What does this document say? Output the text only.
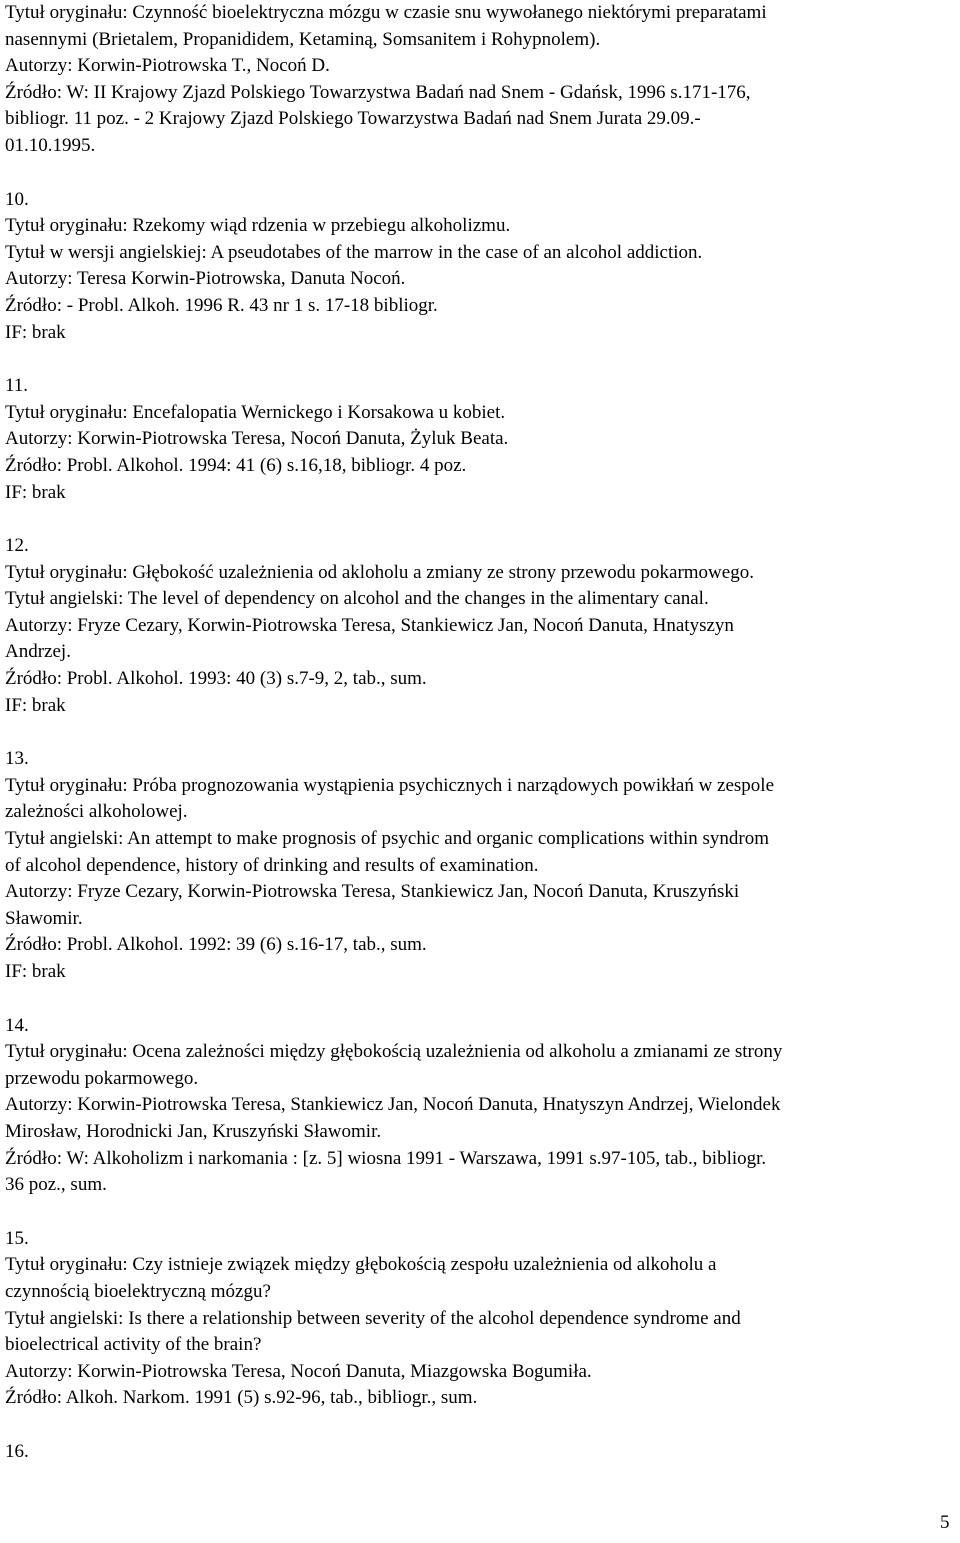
Tytuł oryginału: Czynność bioelektryczna mózgu w czasie snu wywołanego niektórymi preparatami
nasennymi (Brietalem, Propanididem, Ketaminą, Somsanitem i Rohypnolem).
Autorzy: Korwin-Piotrowska T., Nocoń D.
Źródło: W: II Krajowy Zjazd Polskiego Towarzystwa Badań nad Snem - Gdańsk, 1996 s.171-176,
bibliogr. 11 poz. - 2 Krajowy Zjazd Polskiego Towarzystwa Badań nad Snem Jurata 29.09.-
01.10.1995.
10.
Tytuł oryginału: Rzekomy wiąd rdzenia w przebiegu alkoholizmu.
Tytuł w wersji angielskiej: A pseudotabes of the marrow in the case of an alcohol addiction.
Autorzy: Teresa Korwin-Piotrowska, Danuta Nocoń.
Źródło: - Probl. Alkoh. 1996 R. 43 nr 1 s. 17-18 bibliogr.
IF: brak
11.
Tytuł oryginału: Encefalopatia Wernickego i Korsakowa u kobiet.
Autorzy: Korwin-Piotrowska Teresa, Nocoń Danuta, Żyluk Beata.
Źródło: Probl. Alkohol. 1994: 41 (6) s.16,18, bibliogr. 4 poz.
IF: brak
12.
Tytuł oryginału: Głębokość uzależnienia od akloholu a zmiany ze strony przewodu pokarmowego.
Tytuł angielski: The level of dependency on alcohol and the changes in the alimentary canal.
Autorzy: Fryze Cezary, Korwin-Piotrowska Teresa, Stankiewicz Jan, Nocoń Danuta, Hnatyszyn
Andrzej.
Źródło: Probl. Alkohol. 1993: 40 (3) s.7-9, 2, tab., sum.
IF: brak
13.
Tytuł oryginału: Próba prognozowania wystąpienia psychicznych i narządowych powikłań w zespole
zależności alkoholowej.
Tytuł angielski: An attempt to make prognosis of psychic and organic complications within syndrom
of alcohol dependence, history of drinking and results of examination.
Autorzy: Fryze Cezary, Korwin-Piotrowska Teresa, Stankiewicz Jan, Nocoń Danuta, Kruszyński
Sławomir.
Źródło: Probl. Alkohol. 1992: 39 (6) s.16-17, tab., sum.
IF: brak
14.
Tytuł oryginału: Ocena zależności między głębokością uzależnienia od alkoholu a zmianami ze strony
przewodu pokarmowego.
Autorzy: Korwin-Piotrowska Teresa, Stankiewicz Jan, Nocoń Danuta, Hnatyszyn Andrzej, Wielondek
Mirosław, Horodnicki Jan, Kruszyński Sławomir.
Źródło: W: Alkoholizm i narkomania : [z. 5] wiosna 1991 - Warszawa, 1991 s.97-105, tab., bibliogr.
36 poz., sum.
15.
Tytuł oryginału: Czy istnieje związek między głębokością zespołu uzależnienia od alkoholu a
czynnością bioelektryczną mózgu?
Tytuł angielski: Is there a relationship between severity of the alcohol dependence syndrome and
bioelectrical activity of the brain?
Autorzy: Korwin-Piotrowska Teresa, Nocoń Danuta, Miazgowska Bogumiła.
Źródło: Alkoh. Narkom. 1991 (5) s.92-96, tab., bibliogr., sum.
16.
5
